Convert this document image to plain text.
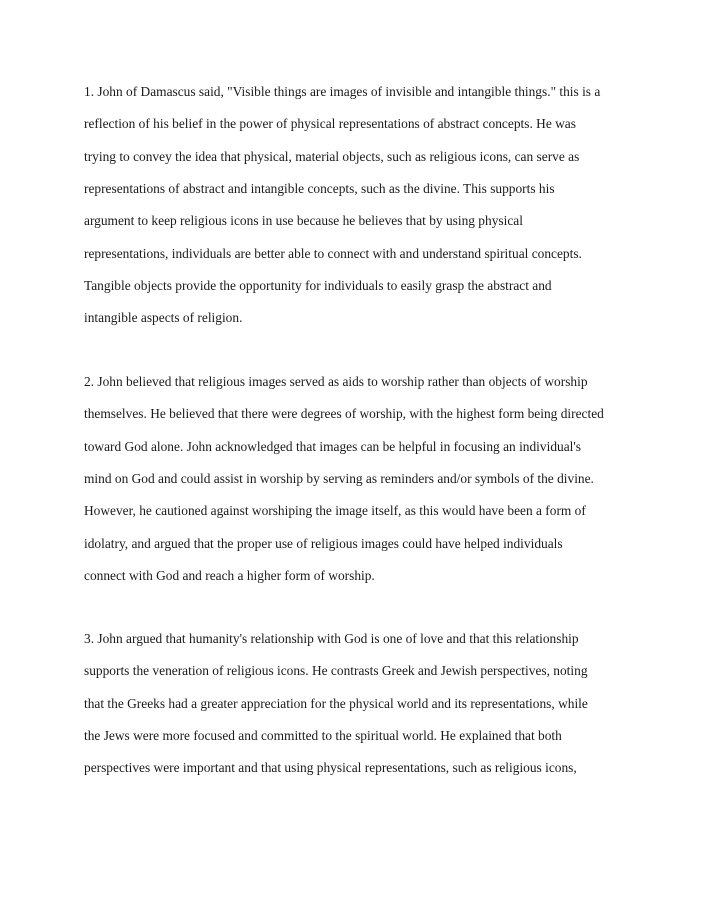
1. John of Damascus said, "Visible things are images of invisible and intangible things." this is a
reflection of his belief in the power of physical representations of abstract concepts. He was
trying to convey the idea that physical, material objects, such as religious icons, can serve as
representations of abstract and intangible concepts, such as the divine. This supports his
argument to keep religious icons in use because he believes that by using physical
representations, individuals are better able to connect with and understand spiritual concepts.
Tangible objects provide the opportunity for individuals to easily grasp the abstract and
intangible aspects of religion.
2. John believed that religious images served as aids to worship rather than objects of worship
themselves. He believed that there were degrees of worship, with the highest form being directed
toward God alone. John acknowledged that images can be helpful in focusing an individual's
mind on God and could assist in worship by serving as reminders and/or symbols of the divine.
However, he cautioned against worshiping the image itself, as this would have been a form of
idolatry, and argued that the proper use of religious images could have helped individuals
connect with God and reach a higher form of worship.
3. John argued that humanity's relationship with God is one of love and that this relationship
supports the veneration of religious icons. He contrasts Greek and Jewish perspectives, noting
that the Greeks had a greater appreciation for the physical world and its representations, while
the Jews were more focused and committed to the spiritual world. He explained that both
perspectives were important and that using physical representations, such as religious icons,
